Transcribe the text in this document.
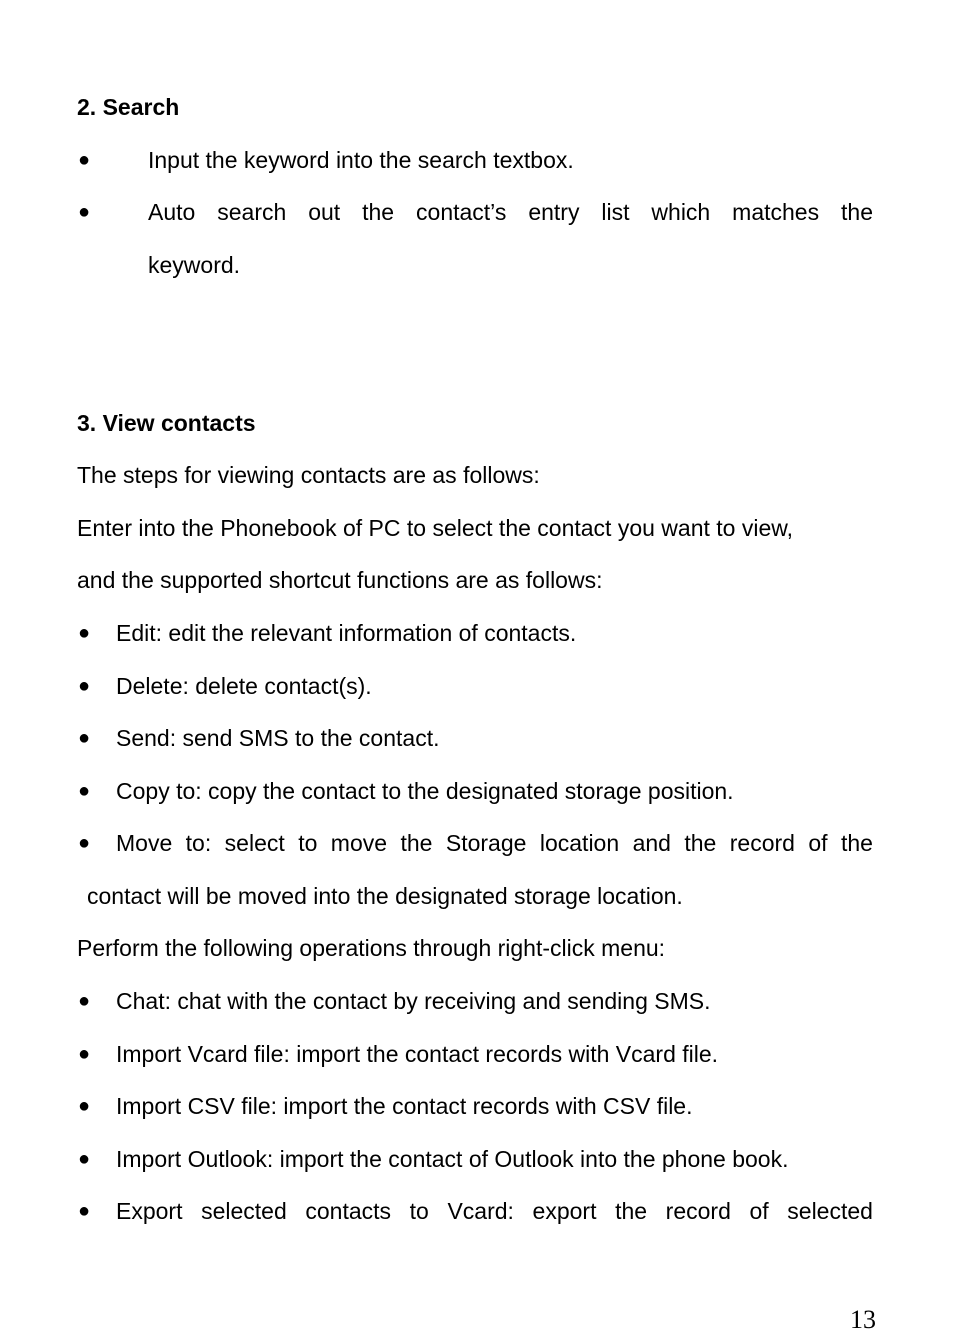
2. Search
●	Input the keyword into the search textbox.
●	Auto search out the contact’s entry list which matches the
keyword.
3. View contacts
The steps for viewing contacts are as follows:
Enter into the Phonebook of PC to select the contact you want to view,
and the supported shortcut functions are as follows:
● Edit: edit the relevant information of contacts.
● Delete: delete contact(s).
● Send: send SMS to the contact.
● Copy to: copy the contact to the designated storage position.
● Move to: select to move the Storage location and the record of the
contact will be moved into the designated storage location.
Perform the following operations through right-click menu:
● Chat: chat with the contact by receiving and sending SMS.
● Import Vcard file: import the contact records with Vcard file.
● Import CSV file: import the contact records with CSV file.
● Import Outlook: import the contact of Outlook into the phone book.
● Export selected contacts to Vcard: export the record of selected
13
